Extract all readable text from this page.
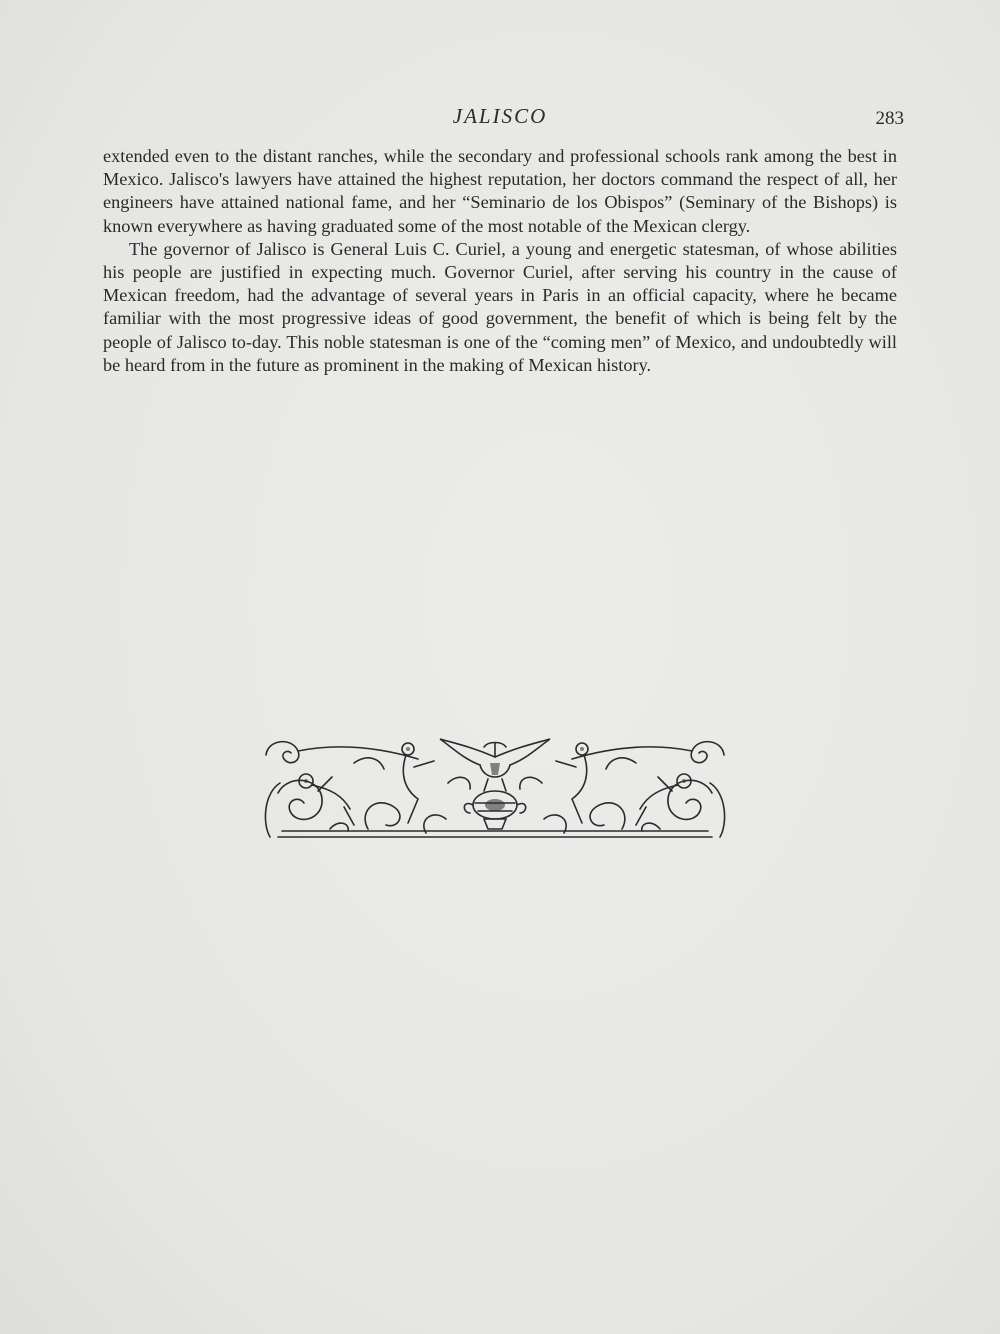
JALISCO	283

extended even to the distant ranches, while the secondary and professional schools rank among the best in Mexico. Jalisco's lawyers have attained the highest reputation, her doctors command the respect of all, her engineers have attained national fame, and her “Seminario de los Obispos” (Seminary of the Bishops) is known everywhere as having graduated some of the most notable of the Mexican clergy.

The governor of Jalisco is General Luis C. Curiel, a young and energetic statesman, of whose abilities his people are justified in expecting much. Governor Curiel, after serving his country in the cause of Mexican freedom, had the advantage of several years in Paris in an official capacity, where he became familiar with the most progressive ideas of good government, the benefit of which is being felt by the people of Jalisco to-day. This noble statesman is one of the “coming men” of Mexico, and undoubtedly will be heard from in the future as prominent in the making of Mexican history.
